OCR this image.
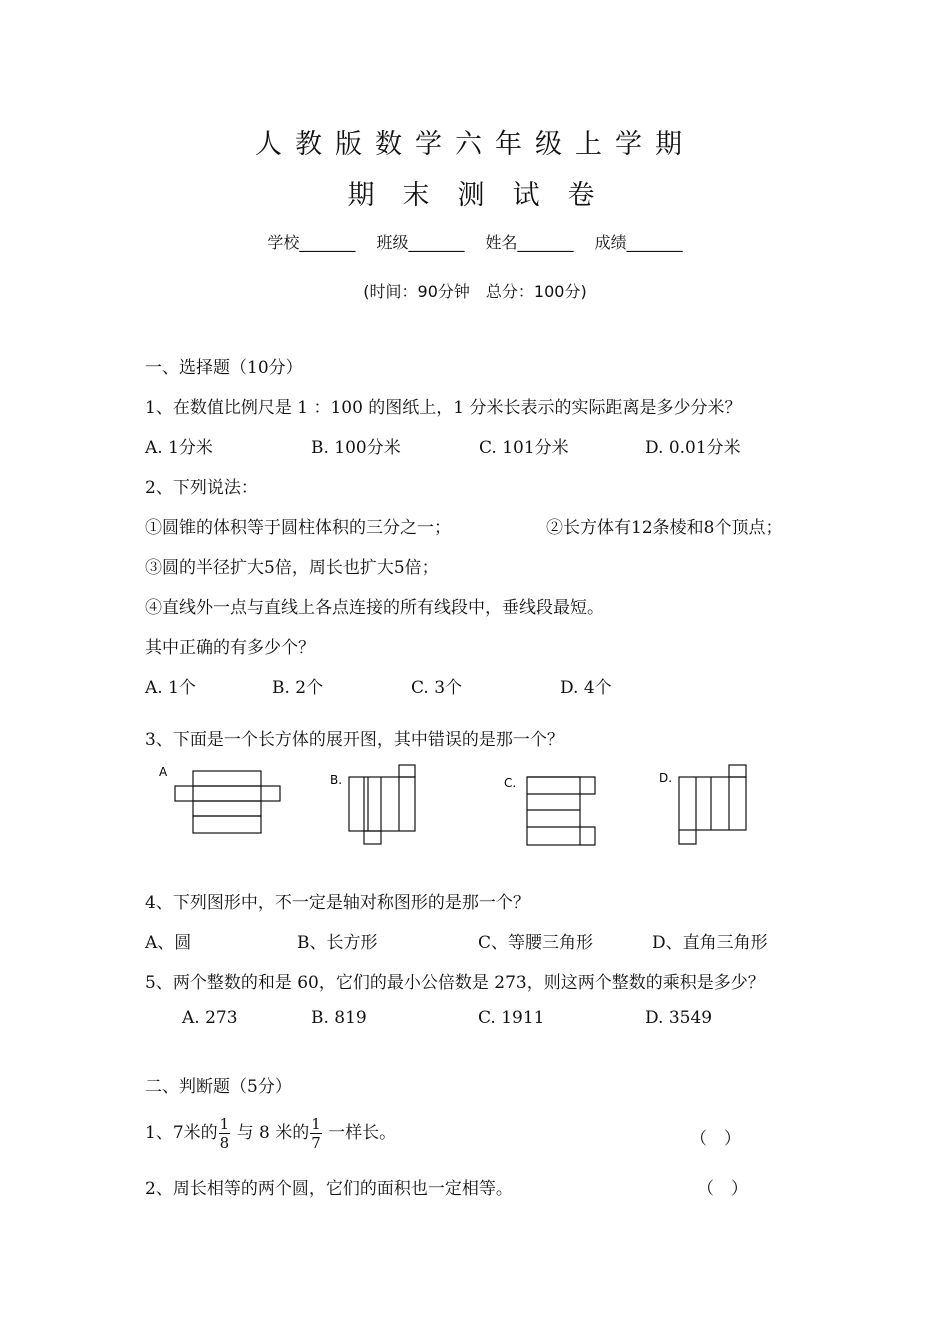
人教版数学六年级上学期
期末测试卷
学校_______ 班级_______ 姓名_______ 成绩_______
(时间：90分钟　总分：100分)
一、选择题（10分）
1、在数值比例尺是 1 ：100 的图纸上，1 分米长表示的实际距离是多少分米？
A. 1分米	B. 100分米	C. 101分米	D. 0.01分米
2、下列说法：
①圆锥的体积等于圆柱体积的三分之一；	②长方体有12条棱和8个顶点；
③圆的半径扩大5倍，周长也扩大5倍；
④直线外一点与直线上各点连接的所有线段中，垂线段最短。
其中正确的有多少个？
A. 1个	B. 2个	C. 3个	D. 4个
3、下面是一个长方体的展开图，其中错误的是那一个？
A
B.	C.	D.
4、下列图形中，不一定是轴对称图形的是那一个？
A、圆	B、长方形	C、等腰三角形	D、直角三角形
5、两个整数的和是 60，它们的最小公倍数是 273，则这两个整数的乘积是多少？
A. 273	B. 819	C. 1911	D. 3549
二、判断题（5分）
1、7米的 $\frac{1}{8}$ 与 8 米的 $\frac{1}{7}$ 一样长。	（　）
2、周长相等的两个圆，它们的面积也一定相等。	（　）
